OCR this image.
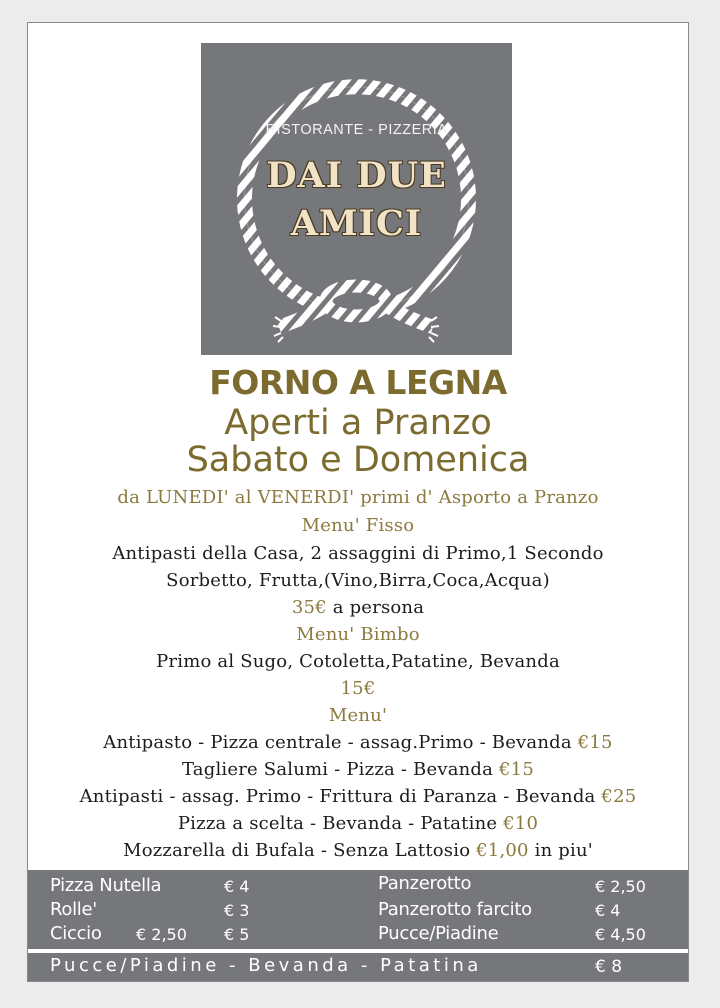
RISTORANTE - PIZZERIA
DAI DUE
AMICI
FORNO A LEGNA
Aperti a Pranzo
Sabato e Domenica
da LUNEDI' al VENERDI' primi d' Asporto a Pranzo
Menu' Fisso
Antipasti della Casa, 2 assaggini di Primo,1 Secondo
Sorbetto, Frutta,(Vino,Birra,Coca,Acqua)
35€ a persona
Menu' Bimbo
Primo al Sugo, Cotoletta,Patatine, Bevanda
15€
Menu'
Antipasto - Pizza centrale - assag.Primo - Bevanda €15
Tagliere Salumi - Pizza - Bevanda €15
Antipasti - assag. Primo - Frittura di Paranza - Bevanda €25
Pizza a scelta - Bevanda - Patatine €10
Mozzarella di Bufala - Senza Lattosio €1,00 in piu'
Pizza Nutella	€ 4
Rolle'	€ 3
Ciccio € 2,50 € 5
Panzerotto	€ 2,50
Panzerotto farcito	€ 4
Pucce/Piadine	€ 4,50
Pucce/Piadine - Bevanda - Patatina	€ 8
